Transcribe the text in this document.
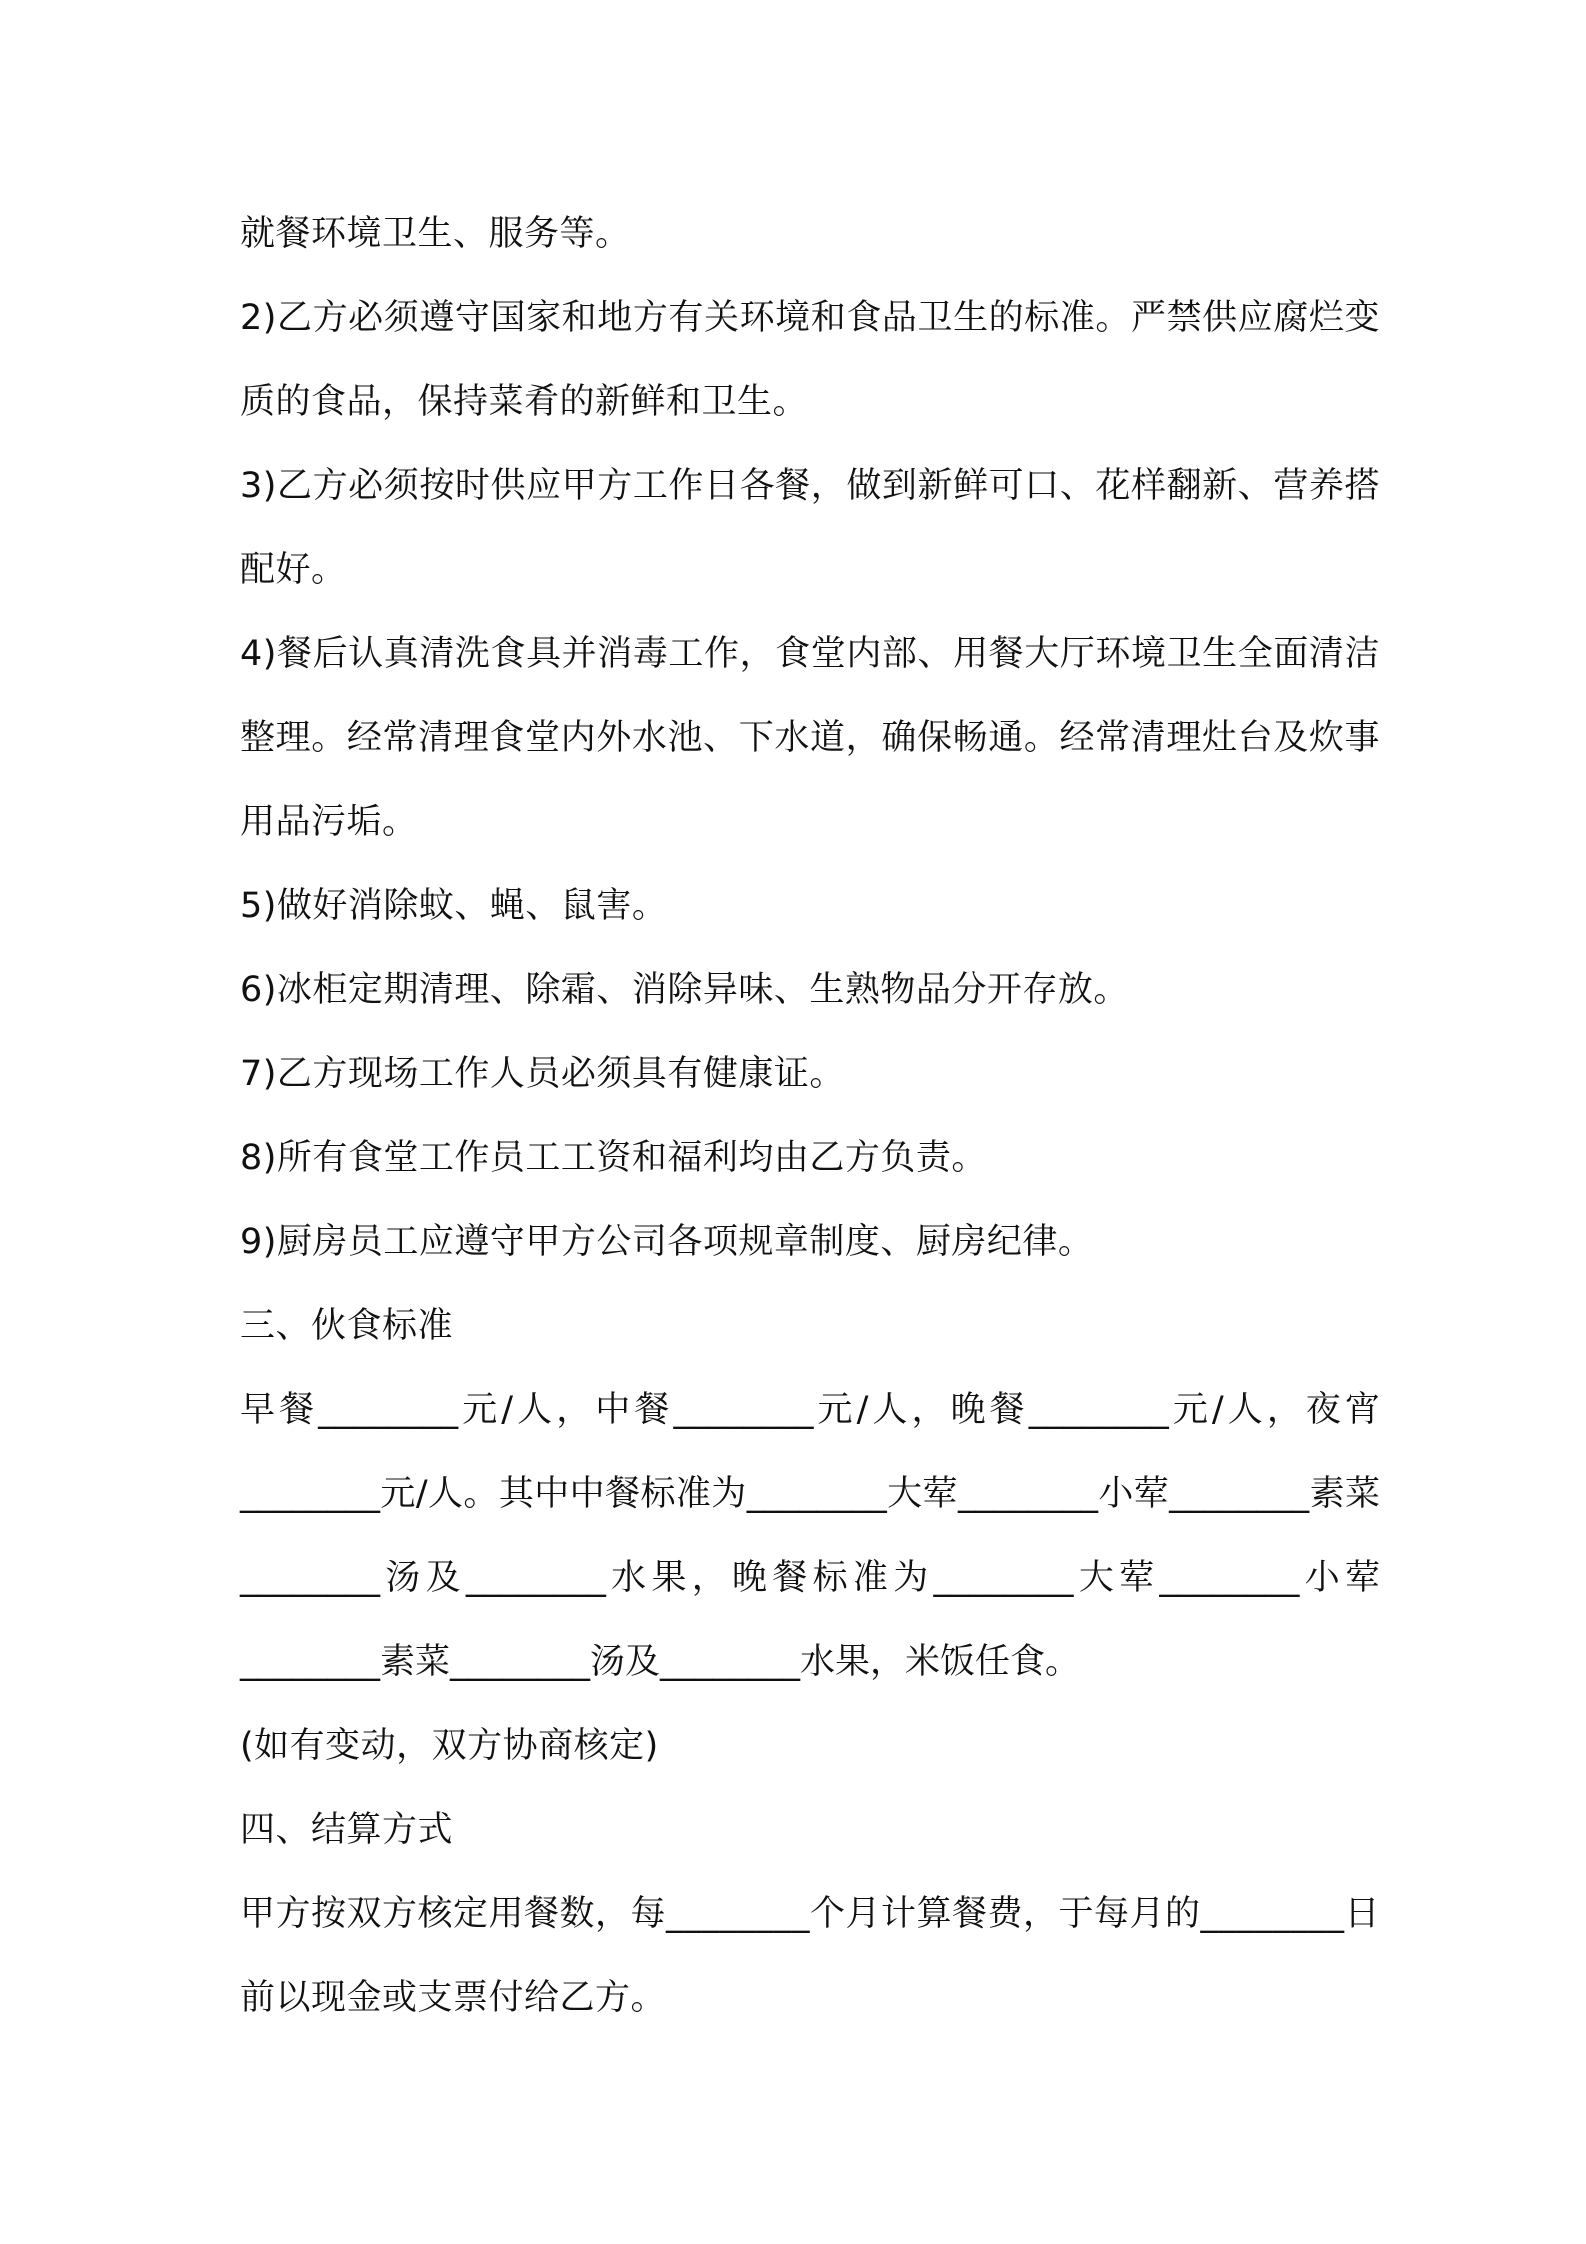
就餐环境卫生、服务等。

2)乙方必须遵守国家和地方有关环境和食品卫生的标准。严禁供应腐烂变质的食品，保持菜肴的新鲜和卫生。

3)乙方必须按时供应甲方工作日各餐，做到新鲜可口、花样翻新、营养搭配好。

4)餐后认真清洗食具并消毒工作，食堂内部、用餐大厅环境卫生全面清洁整理。经常清理食堂内外水池、下水道，确保畅通。经常清理灶台及炊事用品污垢。

5)做好消除蚊、蝇、鼠害。

6)冰柜定期清理、除霜、消除异味、生熟物品分开存放。

7)乙方现场工作人员必须具有健康证。

8)所有食堂工作员工工资和福利均由乙方负责。

9)厨房员工应遵守甲方公司各项规章制度、厨房纪律。

三、伙食标准

早餐________元/人，中餐________元/人，晚餐________元/人，夜宵________元/人。其中中餐标准为________大荤________小荤________素菜________汤及________水果，晚餐标准为________大荤________小荤________素菜________汤及________水果，米饭任食。

(如有变动，双方协商核定)

四、结算方式

甲方按双方核定用餐数，每________个月计算餐费，于每月的________日前以现金或支票付给乙方。
